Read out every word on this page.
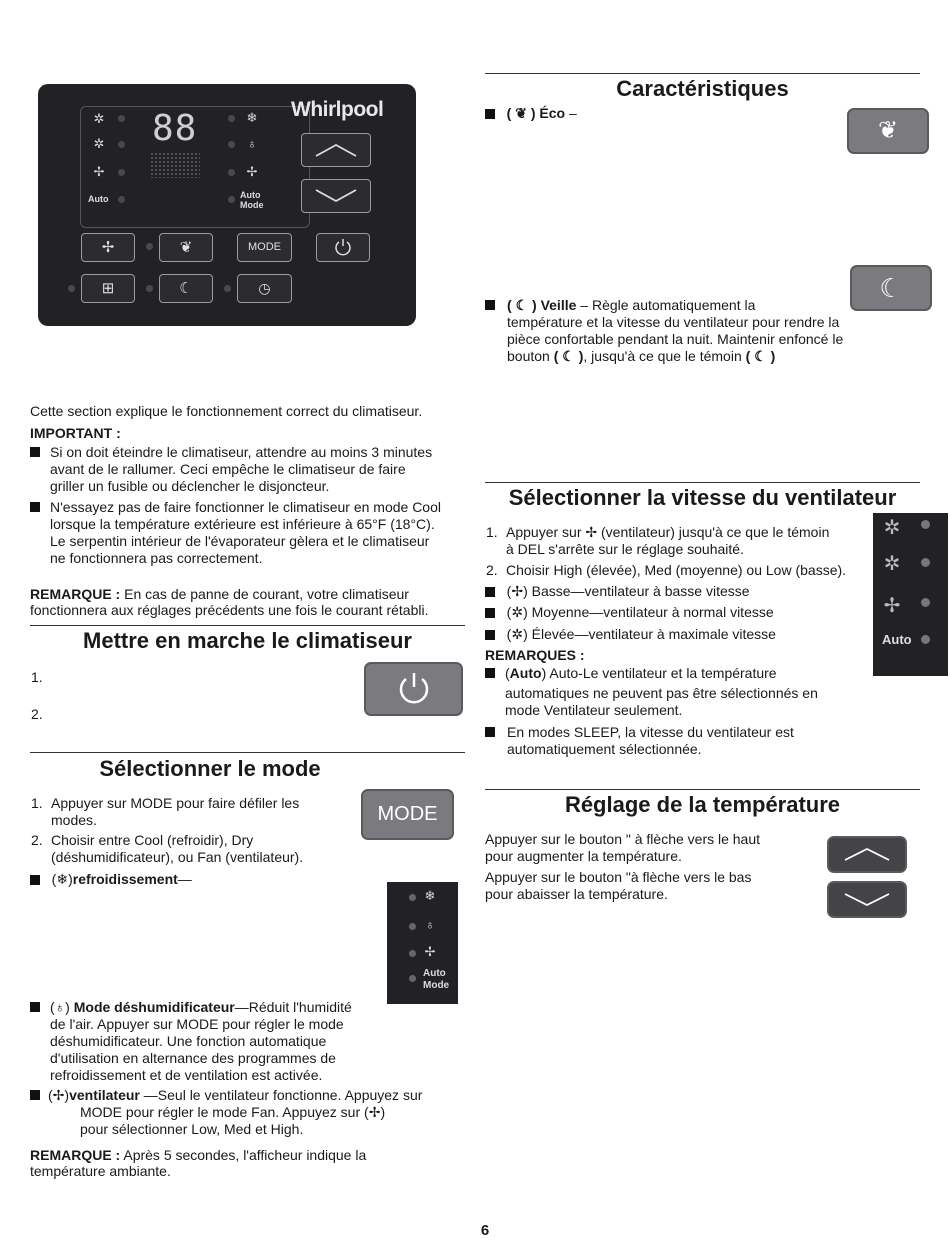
✲
✲
✢
Auto
88	❄
♁
✢
Auto
Mode
Whirlpool
✢	❦	MODE
⊞	☾	◷
Cette section explique le fonctionnement correct du climatiseur.
IMPORTANT :
Si on doit éteindre le climatiseur, attendre au moins 3 minutes
avant de le rallumer. Ceci empêche le climatiseur de faire
griller un fusible ou déclencher le disjoncteur.
N'essayez pas de faire fonctionner le climatiseur en mode Cool
lorsque la température extérieure est inférieure à 65°F (18°C).
Le serpentin intérieur de l'évaporateur gèlera et le climatiseur
ne fonctionnera pas correctement.
REMARQUE : En cas de panne de courant, votre climatiseur
fonctionnera aux réglages précédents une fois le courant rétabli.
Mettre en marche le climatiseur
1.
2.
Sélectionner le mode
MODE
1. Appuyer sur MODE pour faire défiler les
modes.
2. Choisir entre Cool (refroidir), Dry
(déshumidificateur), ou Fan (ventilateur).
(❄)refroidissement—
❄
♁
✢
Auto
Mode
(♁) Mode déshumidificateur—Réduit l'humidité
de l'air. Appuyer sur MODE pour régler le mode
déshumidificateur. Une fonction automatique
d'utilisation en alternance des programmes de
refroidissement et de ventilation est activée.
(✢)ventilateur —Seul le ventilateur fonctionne. Appuyez sur
MODE pour régler le mode Fan. Appuyez sur (✢)
pour sélectionner Low, Med et High.
REMARQUE : Après 5 secondes, l'afficheur indique la
température ambiante.
Caractéristiques
( ❦ ) Éco –
❦
☾
( ☾ ) Veille – Règle automatiquement la
température et la vitesse du ventilateur pour rendre la
pièce confortable pendant la nuit. Maintenir enfoncé le
bouton ( ☾ ), jusqu'à ce que le témoin ( ☾ )
Sélectionner la vitesse du ventilateur
1. Appuyer sur ✢ (ventilateur) jusqu'à ce que le témoin
à DEL s'arrête sur le réglage souhaité.
2. Choisir High (élevée), Med (moyenne) ou Low (basse).
(✢) Basse—ventilateur à basse vitesse
(✲) Moyenne—ventilateur à normal vitesse
(✲) Élevée—ventilateur à maximale vitesse
REMARQUES :
(Auto) Auto-Le ventilateur et la température
automatiques ne peuvent pas être sélectionnés en
mode Ventilateur seulement.
En modes SLEEP, la vitesse du ventilateur est
automatiquement sélectionnée.
✲
✲
✢
Auto
Réglage de la température
Appuyer sur le bouton " à flèche vers le haut
pour augmenter la température.
Appuyer sur le bouton "à flèche vers le bas
pour abaisser la température.
6
